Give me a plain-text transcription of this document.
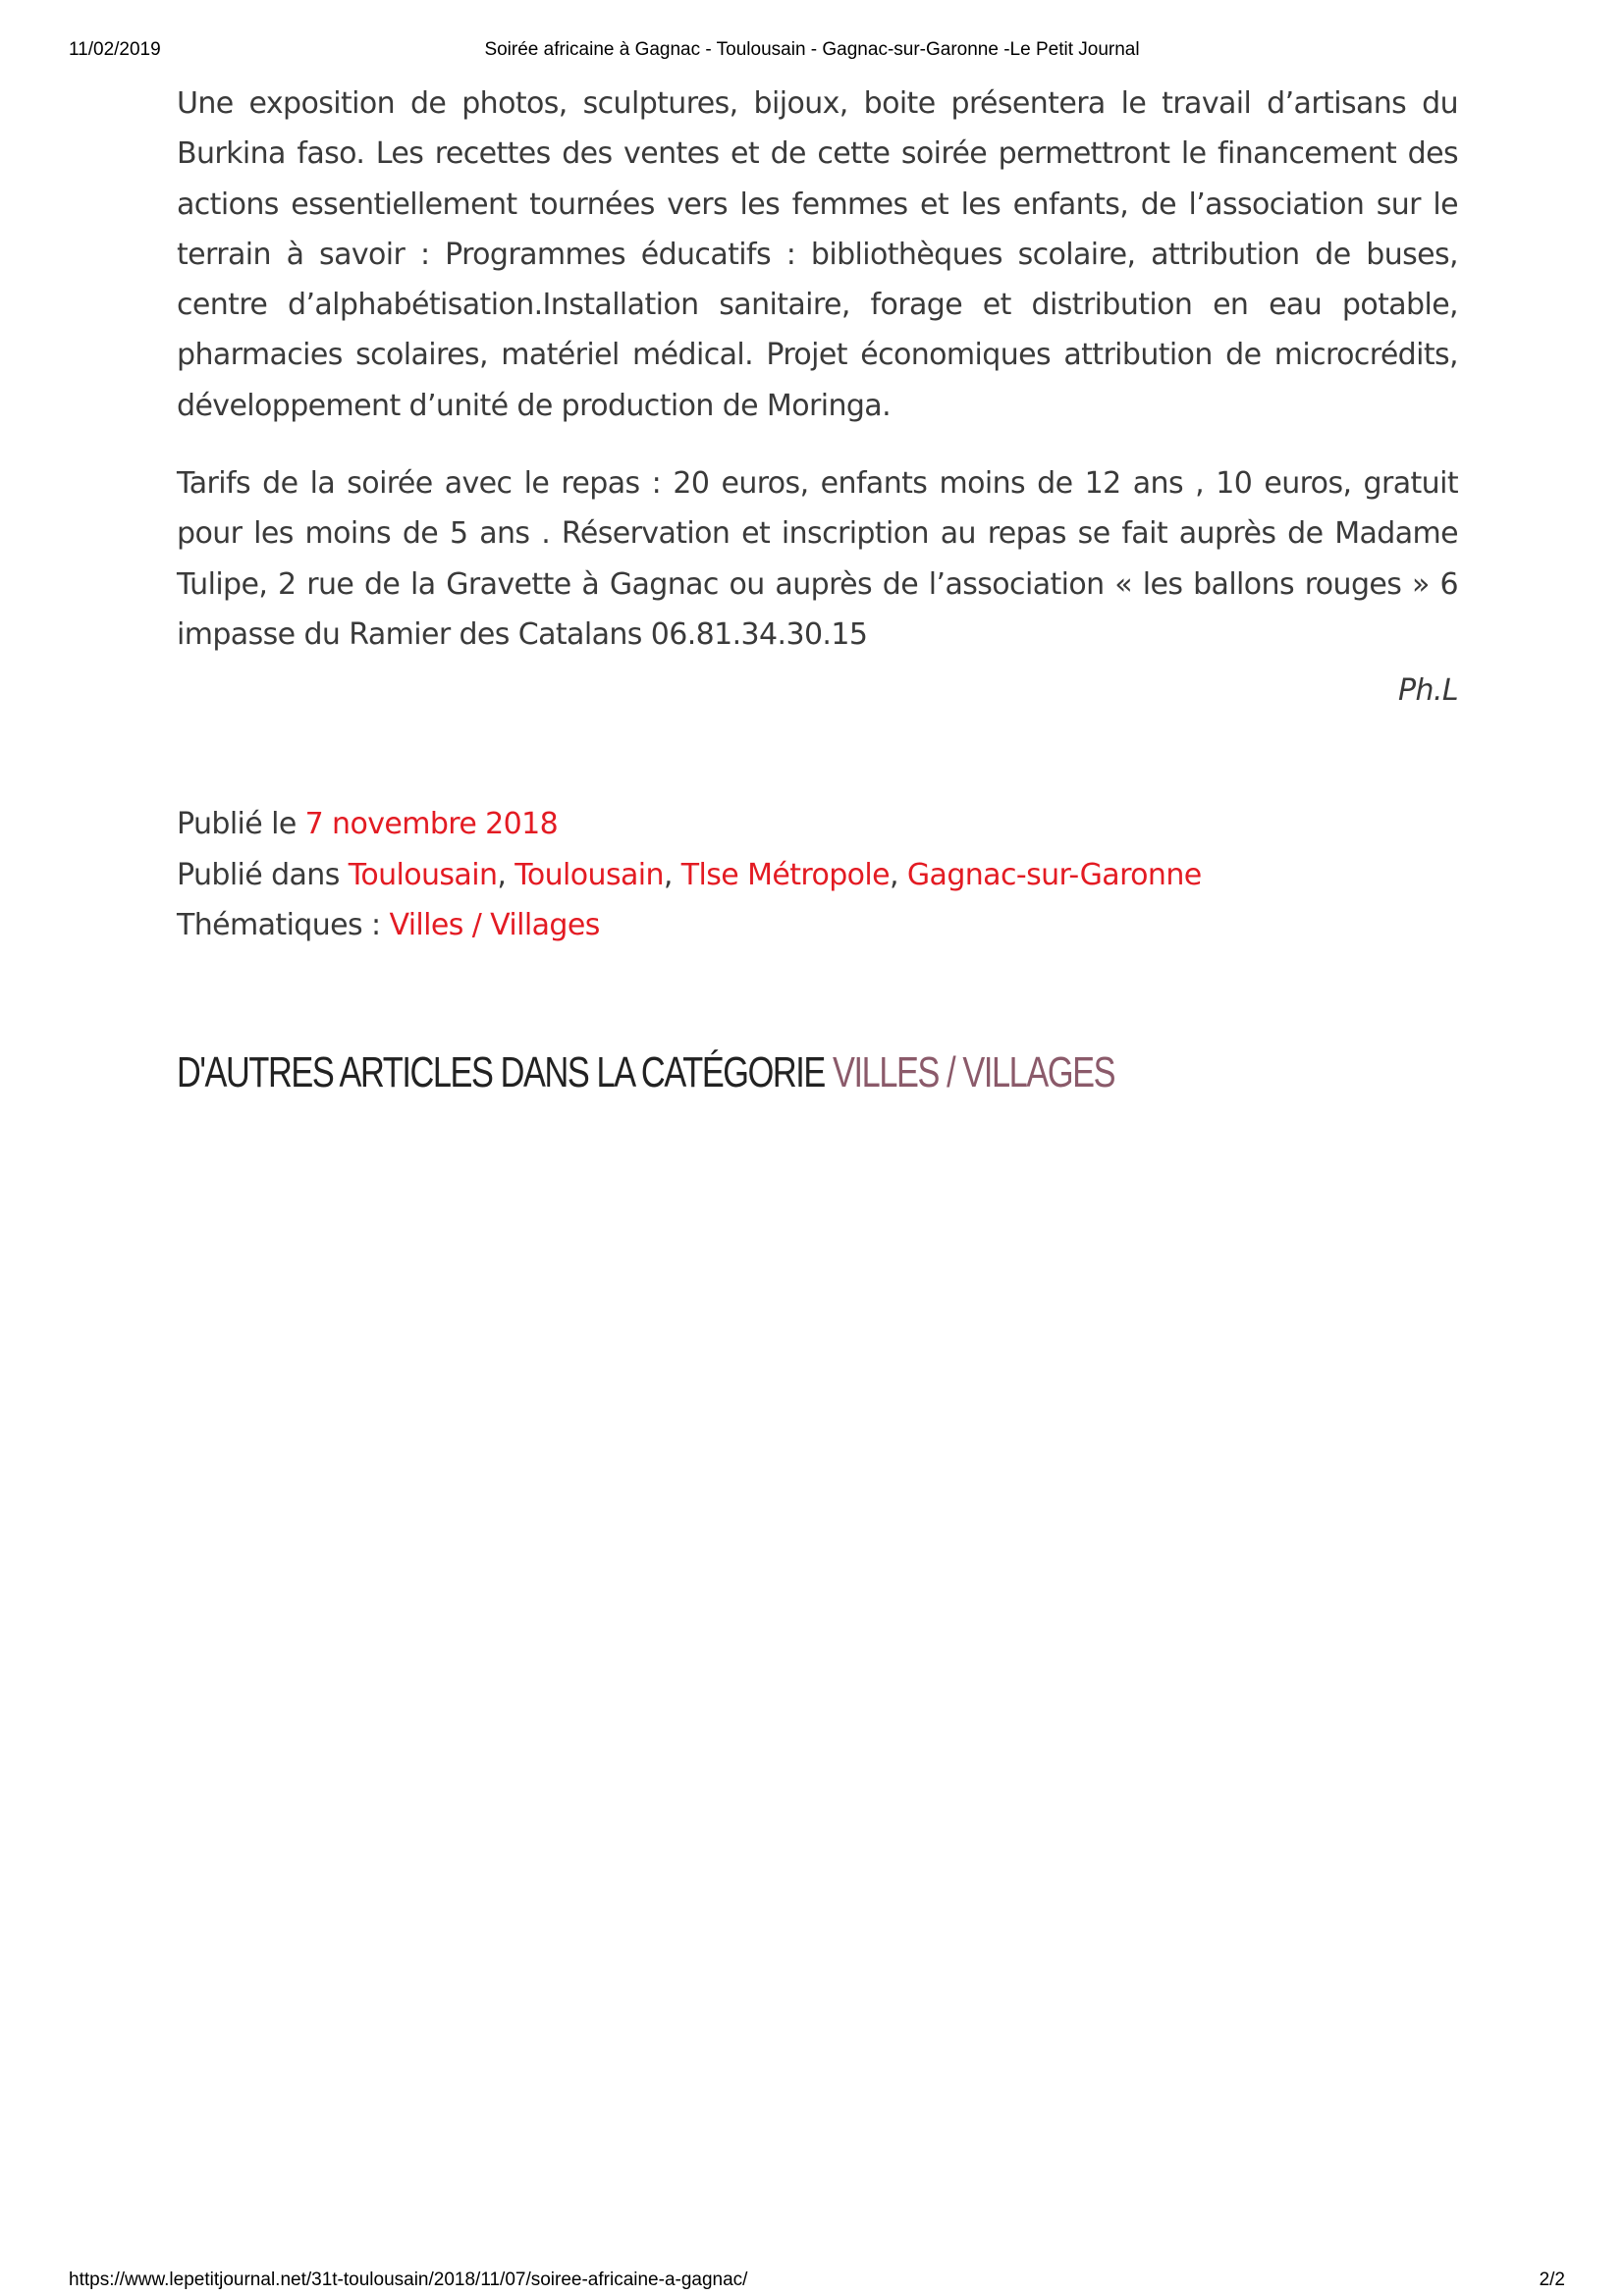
11/02/2019	Soirée africaine à Gagnac - Toulousain - Gagnac-sur-Garonne -Le Petit Journal

Une exposition de photos, sculptures, bijoux, boite présentera le travail d’artisans du Burkina faso. Les recettes des ventes et de cette soirée permettront le financement des actions essentiellement tournées vers les femmes et les enfants, de l’association sur le terrain à savoir : Programmes éducatifs : bibliothèques scolaire, attribution de buses, centre d’alphabétisation.Installation sanitaire, forage et distribution en eau potable, pharmacies scolaires, matériel médical. Projet économiques attribution de microcrédits, développement d’unité de production de Moringa.

Tarifs de la soirée avec le repas : 20 euros, enfants moins de 12 ans , 10 euros, gratuit pour les moins de 5 ans . Réservation et inscription au repas se fait auprès de Madame Tulipe, 2 rue de la Gravette à Gagnac ou auprès de l’association « les ballons rouges » 6 impasse du Ramier des Catalans 06.81.34.30.15

Ph.L
Publié le 7 novembre 2018
Publié dans Toulousain, Toulousain, Tlse Métropole, Gagnac-sur-Garonne
Thématiques : Villes / Villages
D'AUTRES ARTICLES DANS LA CATÉGORIE VILLES / VILLAGES
https://www.lepetitjournal.net/31t-toulousain/2018/11/07/soiree-africaine-a-gagnac/	2/2
